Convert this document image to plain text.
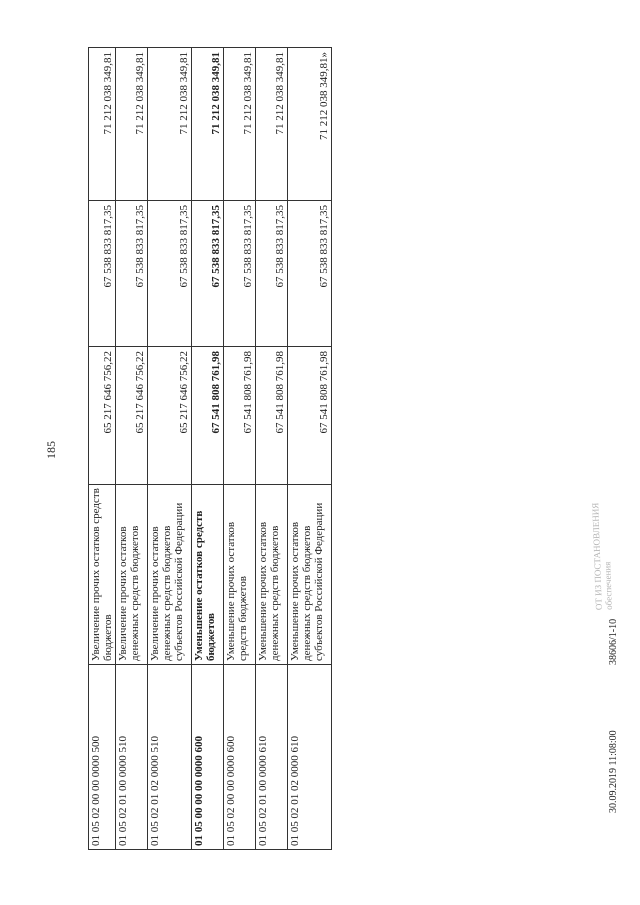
01 05 02 00 00 0000 500	Увеличение прочих остатков средств бюджетов	65 217 646 756,22	67 538 833 817,35	71 212 038 349,81
01 05 02 01 00 0000 510	Увеличение прочих остатков денежных средств бюджетов	65 217 646 756,22	67 538 833 817,35	71 212 038 349,81
01 05 02 01 02 0000 510	Увеличение прочих остатков денежных средств бюджетов субъектов Российской Федерации	65 217 646 756,22	67 538 833 817,35	71 212 038 349,81
01 05 00 00 00 0000 600	Уменьшение остатков средств бюджетов	67 541 808 761,98	67 538 833 817,35	71 212 038 349,81
01 05 02 00 00 0000 600	Уменьшение прочих остатков средств бюджетов	67 541 808 761,98	67 538 833 817,35	71 212 038 349,81
01 05 02 01 00 0000 610	Уменьшение прочих остатков денежных средств бюджетов	67 541 808 761,98	67 538 833 817,35	71 212 038 349,81
01 05 02 01 02 0000 610	Уменьшение прочих остатков денежных средств бюджетов субъектов Российской Федерации	67 541 808 761,98	67 538 833 817,35	71 212 038 349,81»
185
30.09.2019 11:08:00
38606/1-10
ОТ ИЗ ПОСТАНОВЛЕНИЯ
обеспечения
